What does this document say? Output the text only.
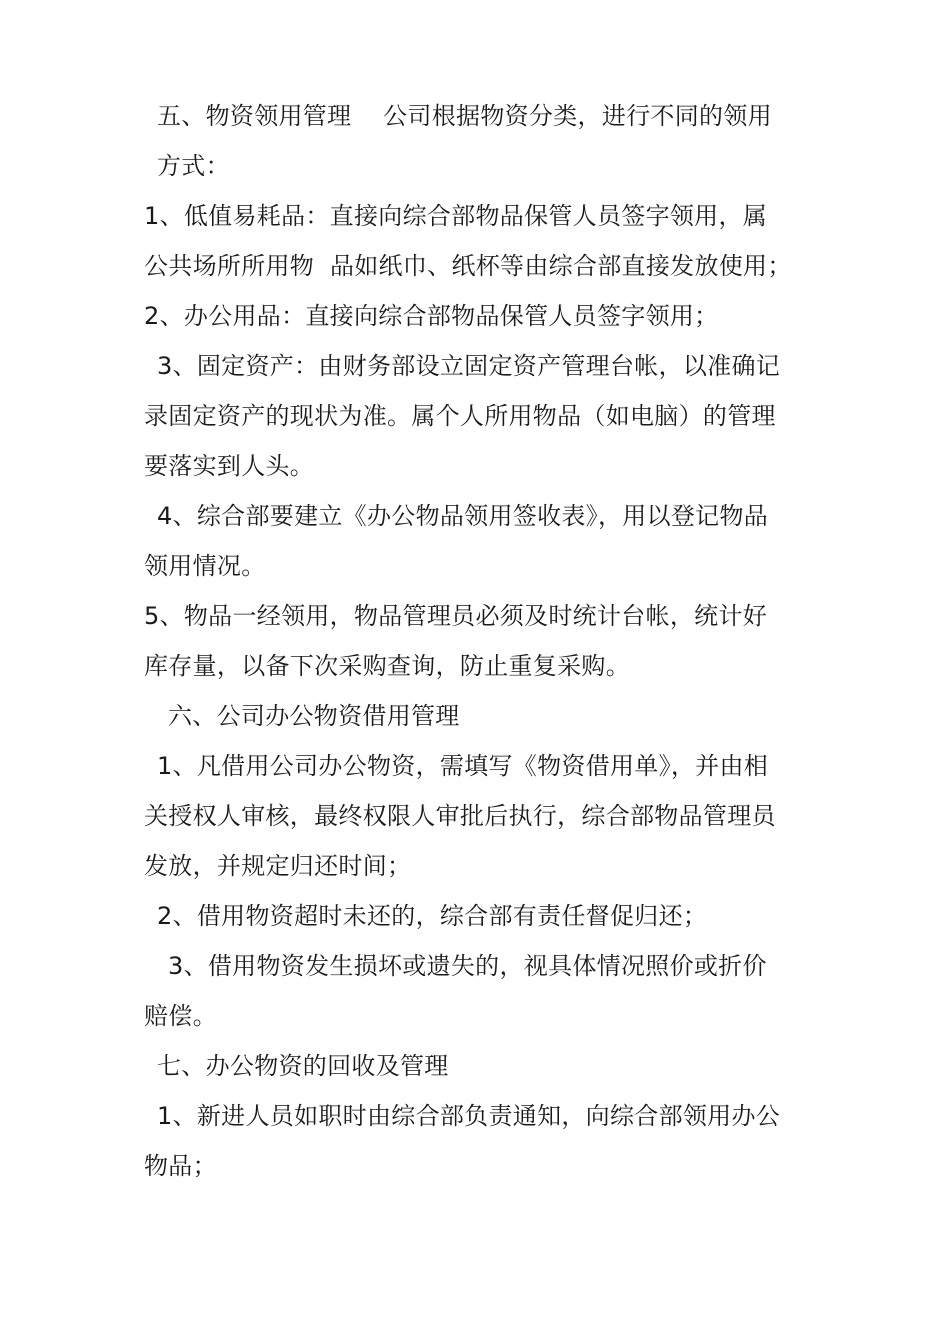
五、物资领用管理    公司根据物资分类，进行不同的领用

方式：

1、低值易耗品：直接向综合部物品保管人员签字领用，属

公共场所所用物  品如纸巾、纸杯等由综合部直接发放使用；

2、办公用品：直接向综合部物品保管人员签字领用；

3、固定资产：由财务部设立固定资产管理台帐，以准确记

录固定资产的现状为准。属个人所用物品（如电脑）的管理

要落实到人头。

4、综合部要建立《办公物品领用签收表》，用以登记物品

领用情况。

5、物品一经领用，物品管理员必须及时统计台帐，统计好

库存量，以备下次采购查询，防止重复采购。

六、公司办公物资借用管理

1、凡借用公司办公物资，需填写《物资借用单》，并由相

关授权人审核，最终权限人审批后执行，综合部物品管理员

发放，并规定归还时间；

2、借用物资超时未还的，综合部有责任督促归还；

3、借用物资发生损坏或遗失的，视具体情况照价或折价

赔偿。

七、办公物资的回收及管理

1、新进人员如职时由综合部负责通知，向综合部领用办公

物品；
